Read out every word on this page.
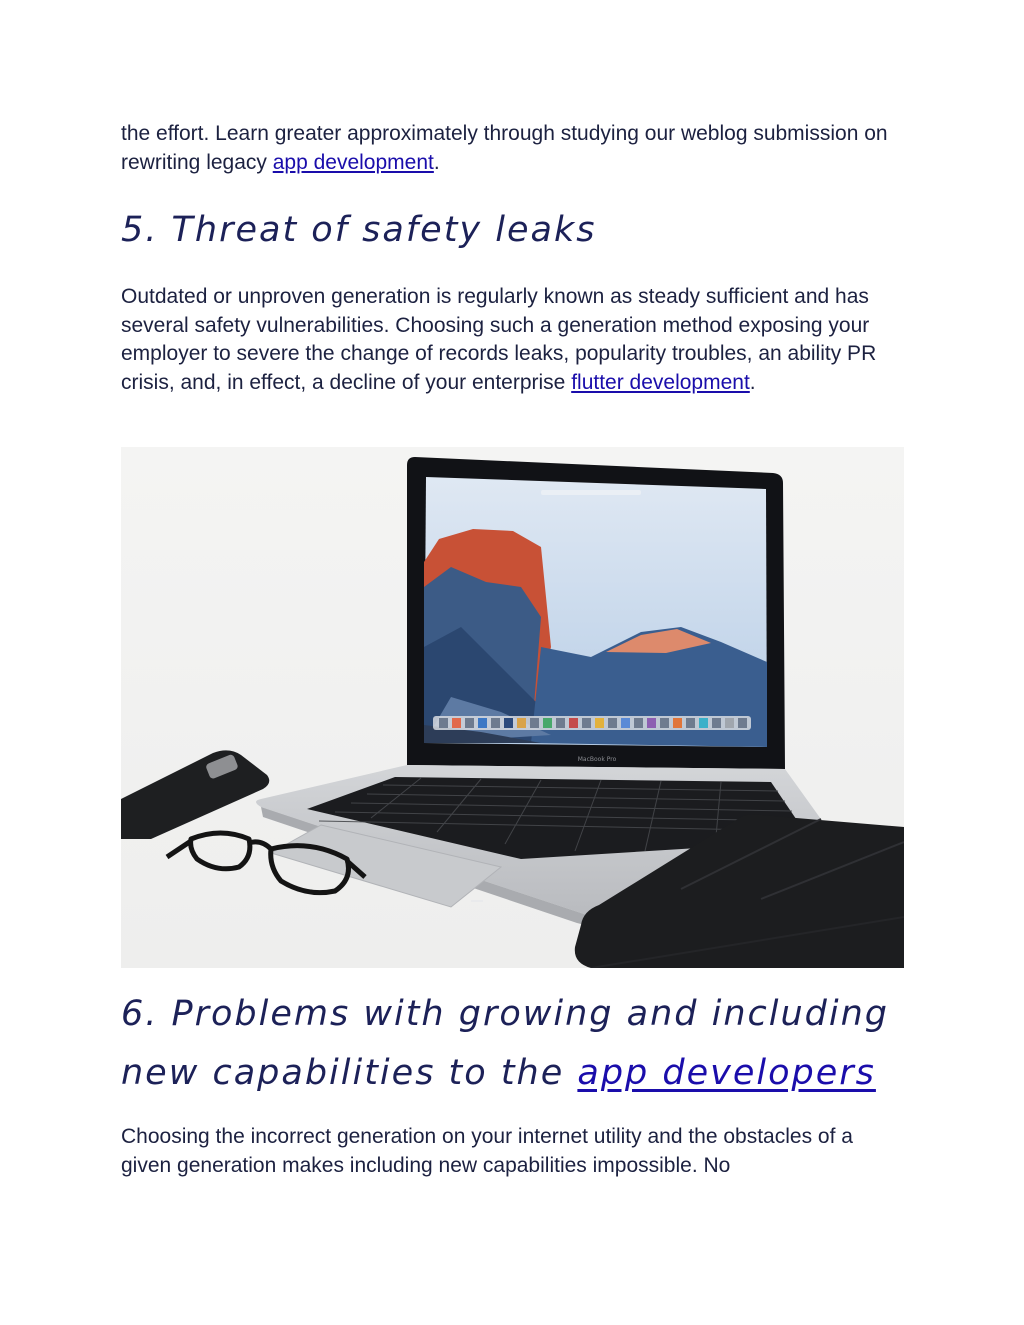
the effort. Learn greater approximately through studying our weblog submission on rewriting legacy app development.

5. Threat of safety leaks

Outdated or unproven generation is regularly known as steady sufficient and has several safety vulnerabilities. Choosing such a generation method exposing your employer to severe the change of records leaks, popularity troubles, an ability PR crisis, and, in effect, a decline of your enterprise flutter development.

MacBook Pro
6. Problems with growing and including new capabilities to the app developers

Choosing the incorrect generation on your internet utility and the obstacles of a given generation makes including new capabilities impossible. No
